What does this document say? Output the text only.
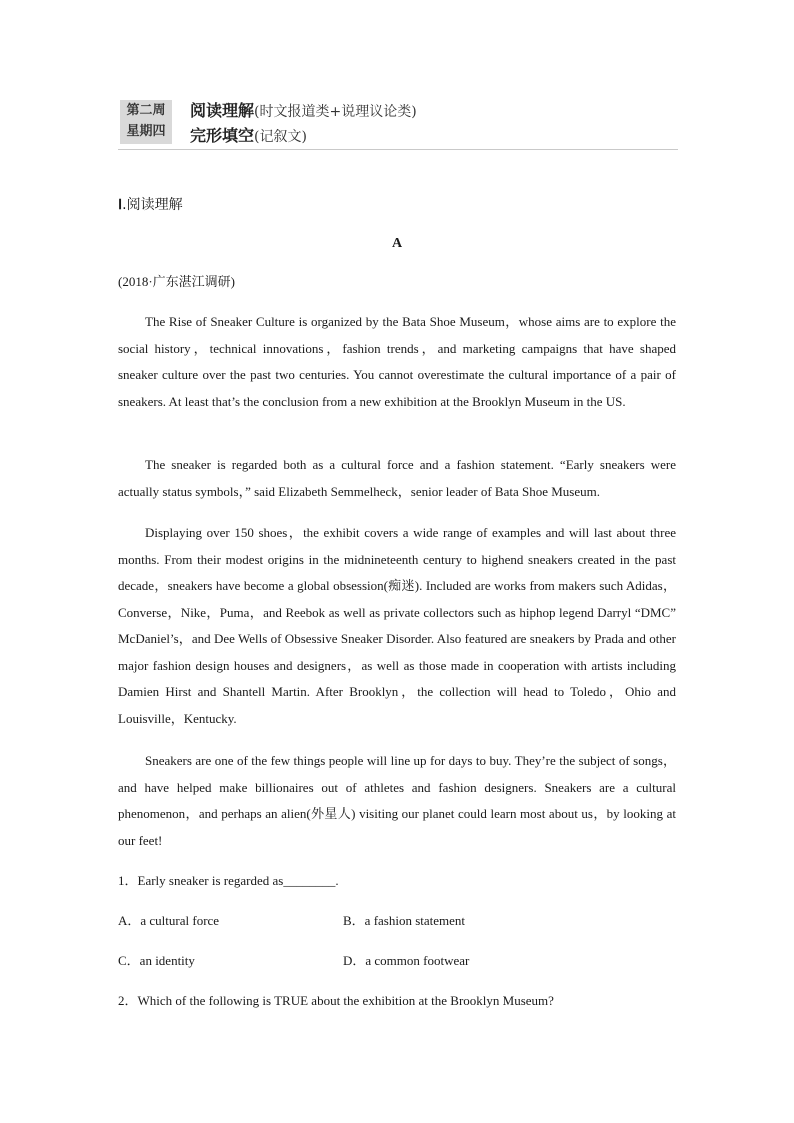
第二周
星期四
阅读理解(时文报道类+说理议论类)
完形填空(记叙文)
Ⅰ.阅读理解
A
(2018·广东湛江调研)

The Rise of Sneaker Culture is organized by the Bata Shoe Museum，whose aims are to explore the social history，technical innovations，fashion trends，and marketing campaigns that have shaped sneaker culture over the past two centuries. You cannot overestimate the cultural importance of a pair of sneakers. At least that’s the conclusion from a new exhibition at the Brooklyn Museum in the US.

The sneaker is regarded both as a cultural force and a fashion statement. “Early sneakers were actually status symbols，” said Elizabeth Semmelheck，senior leader of Bata Shoe Museum.

Displaying over 150 shoes，the exhibit covers a wide range of examples and will last about three months. From their modest origins in the midnineteenth century to highend sneakers created in the past decade，sneakers have become a global obsession(痴迷). Included are works from makers such Adidas，Converse，Nike，Puma，and Reebok as well as private collectors such as hiphop legend Darryl “DMC” McDaniel’s，and Dee Wells of Obsessive Sneaker Disorder. Also featured are sneakers by Prada and other major fashion design houses and designers，as well as those made in cooperation with artists including Damien Hirst and Shantell Martin. After Brooklyn，the collection will head to Toledo，Ohio and Louisville，Kentucky.

Sneakers are one of the few things people will line up for days to buy. They’re the subject of songs，and have helped make billionaires out of athletes and fashion designers. Sneakers are a cultural phenomenon，and perhaps an alien(外星人) visiting our planet could learn most about us，by looking at our feet!

1．Early sneaker is regarded as________.
A．a cultural force	B．a fashion statement
C．an identity	D．a common footwear
2．Which of the following is TRUE about the exhibition at the Brooklyn Museum?
